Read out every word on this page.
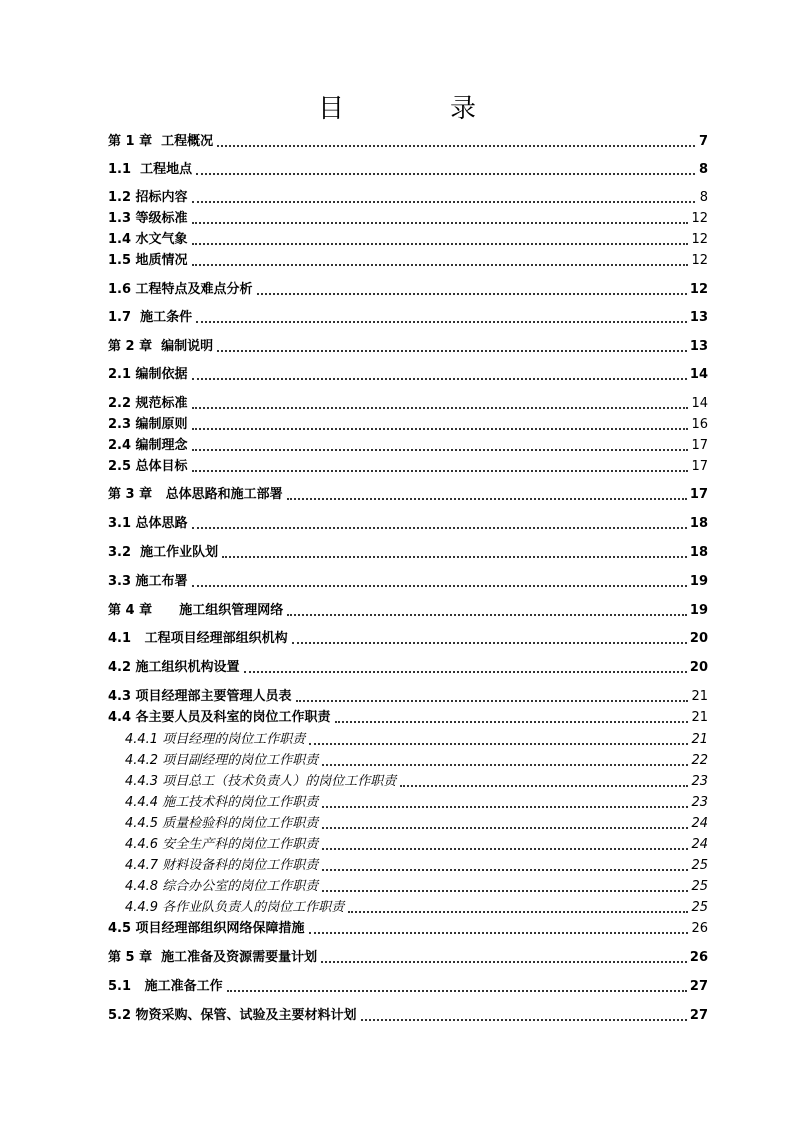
目　录
第 1 章  工程概况	7
1.1  工程地点	8
1.2 招标内容	8
1.3 等级标准	12
1.4 水文气象	12
1.5 地质情况	12
1.6 工程特点及难点分析	12
1.7  施工条件	13
第 2 章  编制说明	13
2.1 编制依据	14
2.2 规范标准	14
2.3 编制原则	16
2.4 编制理念	17
2.5 总体目标	17
第 3 章   总体思路和施工部署	17
3.1 总体思路	18
3.2  施工作业队划	18
3.3 施工布署	19
第 4 章      施工组织管理网络	19
4.1   工程项目经理部组织机构	20
4.2 施工组织机构设置	20
4.3 项目经理部主要管理人员表	21
4.4 各主要人员及科室的岗位工作职责	21
4.4.1 项目经理的岗位工作职责	21
4.4.2 项目副经理的岗位工作职责	22
4.4.3 项目总工（技术负责人）的岗位工作职责	23
4.4.4 施工技术科的岗位工作职责	23
4.4.5 质量检验科的岗位工作职责	24
4.4.6 安全生产科的岗位工作职责	24
4.4.7 财料设备科的岗位工作职责	25
4.4.8 综合办公室的岗位工作职责	25
4.4.9 各作业队负责人的岗位工作职责	25
4.5 项目经理部组织网络保障措施	26
第 5 章  施工准备及资源需要量计划	26
5.1   施工准备工作	27
5.2 物资采购、保管、试验及主要材料计划	27
